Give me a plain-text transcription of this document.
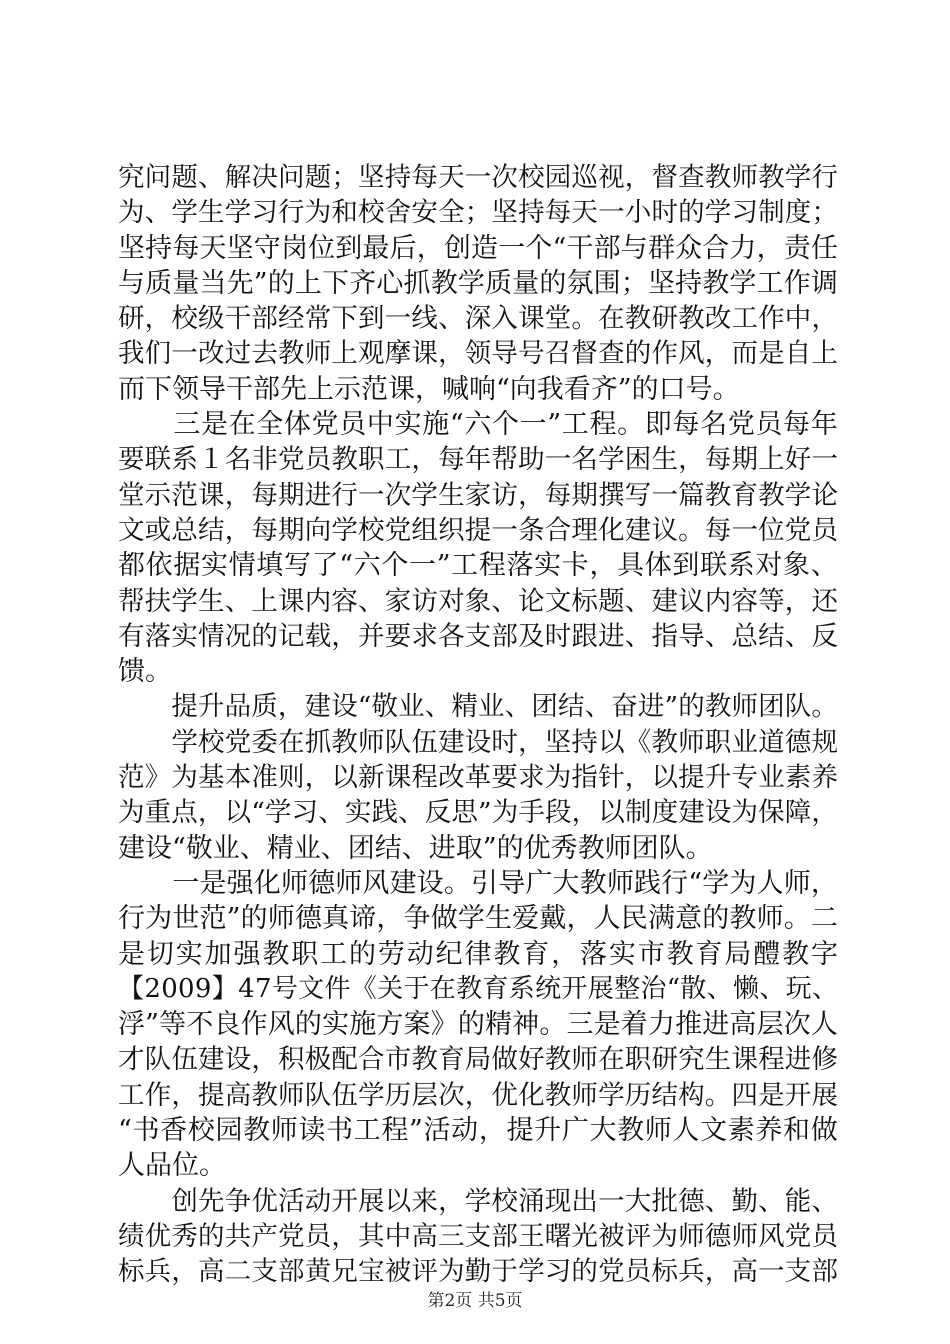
究 问 题 、 解 决 问 题 ； 坚 持 每 天 一 次 校 园 巡 视 ， 督 查 教 师 教 学 行
为 、 学 生 学 习 行 为 和 校 舍 安 全 ； 坚 持 每 天 一 小 时 的 学 习 制 度 ；
坚 持 每 天 坚 守 岗 位 到 最 后 ， 创 造 一 个 “ 干 部 与 群 众 合 力 ， 责 任
与 质 量 当 先 ” 的 上 下 齐 心 抓 教 学 质 量 的 氛 围 ； 坚 持 教 学 工 作 调
研 ， 校 级 干 部 经 常 下 到 一 线 、 深 入 课 堂 。 在 教 研 教 改 工 作 中 ，
我 们 一 改 过 去 教 师 上 观 摩 课 ， 领 导 号 召 督 查 的 作 风 ， 而 是 自 上
而下领导干部先上示范课，喊响“向我看齐”的口号。

三 是 在 全 体 党 员 中 实 施 “ 六 个 一 ” 工 程 。 即 每 名 党 员 每 年
要 联 系 １ 名 非 党 员 教 职 工 ， 每 年 帮 助 一 名 学 困 生 ， 每 期 上 好 一
堂 示 范 课 ， 每 期 进 行 一 次 学 生 家 访 ， 每 期 撰 写 一 篇 教 育 教 学 论
文 或 总 结 ， 每 期 向 学 校 党 组 织 提 一 条 合 理 化 建 议 。 每 一 位 党 员
都 依 据 实 情 填 写 了 “ 六 个 一 ” 工 程 落 实 卡 ， 具 体 到 联 系 对 象 、
帮 扶 学 生 、 上 课 内 容 、 家 访 对 象 、 论 文 标 题 、 建 议 内 容 等 ， 还
有 落 实 情 况 的 记 载 ， 并 要 求 各 支 部 及 时 跟 进 、 指 导 、 总 结 、 反
馈。

提 升 品 质 ， 建 设 “ 敬 业 、 精 业 、 团 结 、 奋 进 ” 的 教 师 团 队 。

学 校 党 委 在 抓 教 师 队 伍 建 设 时 ， 坚 持 以 《 教 师 职 业 道 德 规
范 》 为 基 本 准 则 ， 以 新 课 程 改 革 要 求 为 指 针 ， 以 提 升 专 业 素 养
为 重 点 ， 以 “ 学 习 、 实 践 、 反 思 ” 为 手 段 ， 以 制 度 建 设 为 保 障 ，
建设“敬业、精业、团结、进取”的优秀教师团队。

一 是 强 化 师 德 师 风 建 设 。 引 导 广 大 教 师 践 行 “ 学 为 人 师 ，
行 为 世 范 ” 的 师 德 真 谛 ， 争 做 学 生 爱 戴 ， 人 民 满 意 的 教 师 。 二
是 切 实 加 强 教 职 工 的 劳 动 纪 律 教 育 ， 落 实 市 教 育 局 醴 教 字
【 2 0 0 9 】 4 7 号 文 件 《 关 于 在 教 育 系 统 开 展 整 治 “ 散 、 懒 、 玩 、
浮 ” 等 不 良 作 风 的 实 施 方 案 》 的 精 神 。 三 是 着 力 推 进 高 层 次 人
才 队 伍 建 设 ， 积 极 配 合 市 教 育 局 做 好 教 师 在 职 研 究 生 课 程 进 修
工 作 ， 提 高 教 师 队 伍 学 历 层 次 ， 优 化 教 师 学 历 结 构 。 四 是 开 展
“ 书 香 校 园 教 师 读 书 工 程 ” 活 动 ， 提 升 广 大 教 师 人 文 素 养 和 做
人品位。

创 先 争 优 活 动 开 展 以 来 ， 学 校 涌 现 出 一 大 批 德 、 勤 、 能 、
绩 优 秀 的 共 产 党 员 ， 其 中 高 三 支 部 王 曙 光 被 评 为 师 德 师 风 党 员
标 兵 ， 高 二 支 部 黄 兄 宝 被 评 为 勤 于 学 习 的 党 员 标 兵 ， 高 一 支 部
第2页 共5页
